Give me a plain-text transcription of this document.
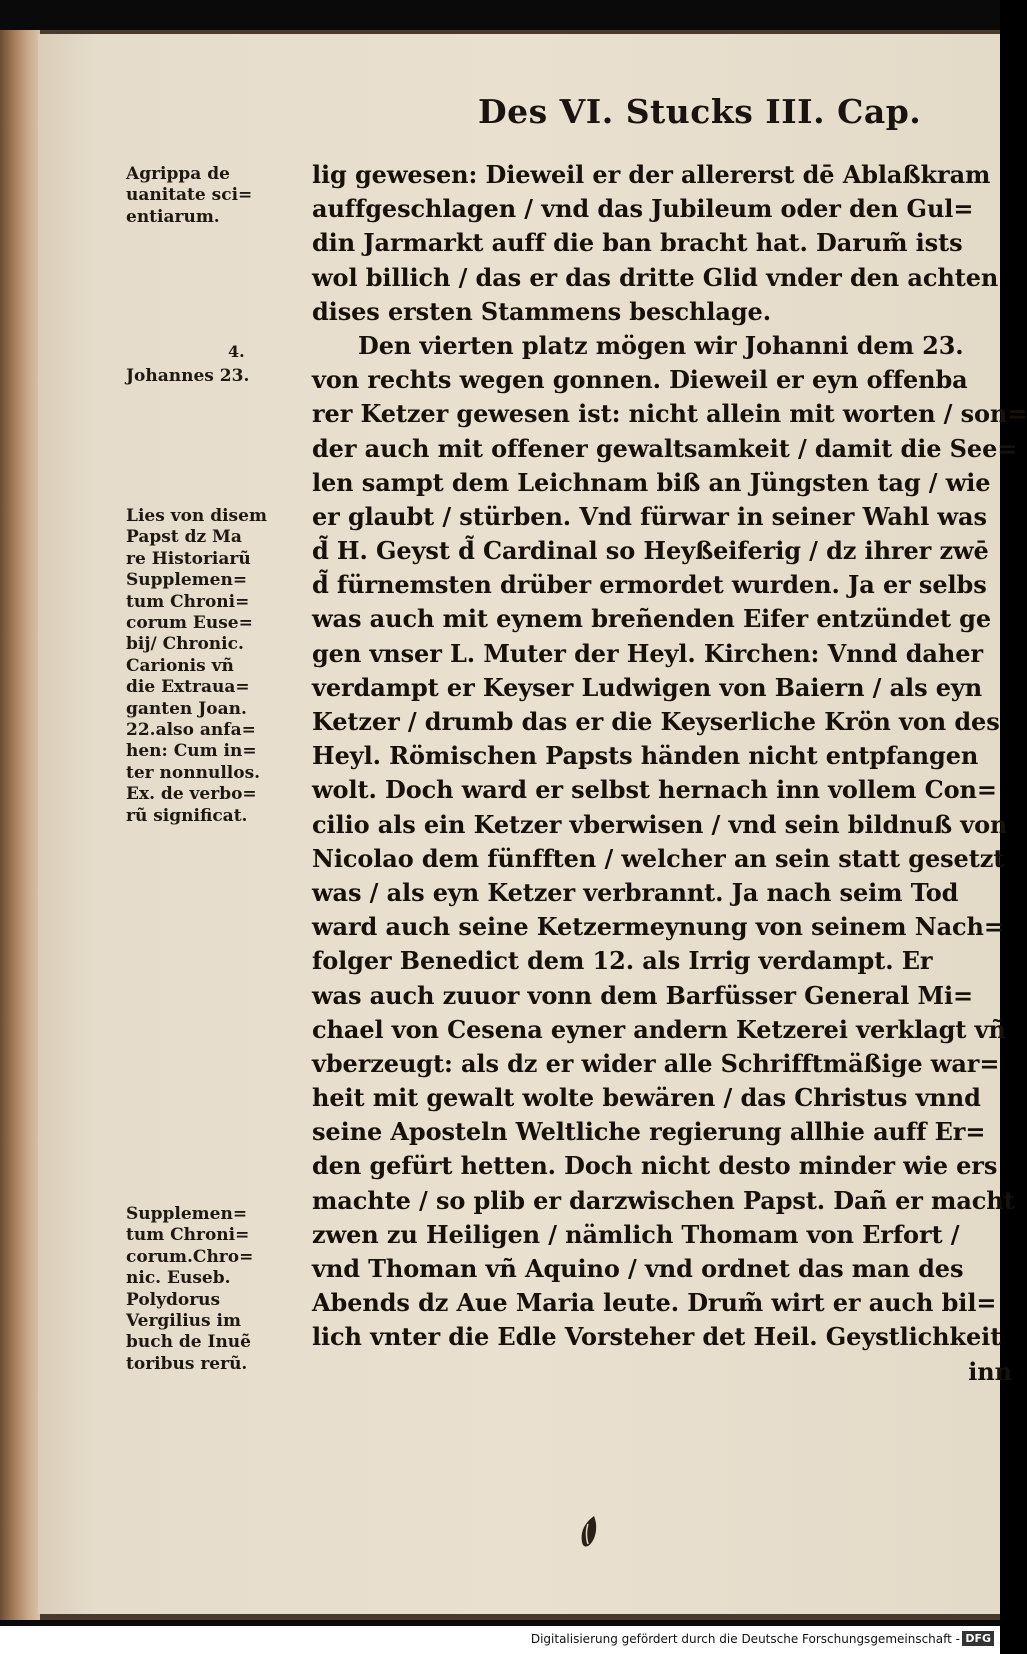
Des VI. Stucks III. Cap.
Agrippa de
uanitate sci=
entiarum.
4.
Johannes 23.
Lies von disem
Papst dz Ma
re Historiarũ
Supplemen=
tum Chroni=
corum Euse=
bij/ Chronic.
Carionis vñ
die Extraua=
ganten Joan.
22.also anfa=
hen: Cum in=
ter nonnullos.
Ex. de verbo=
rũ significat.
Supplemen=
tum Chroni=
corum.Chro=
nic. Euseb.
Polydorus
Vergilius im
buch de Inuẽ
toribus rerũ.
lig gewesen: Dieweil er der allererst dē Ablaßkram
auffgeschlagen / vnd das Jubileum oder den Gul=
din Jarmarkt auff die ban bracht hat. Darum̃ ists
wol billich / das er das dritte Glid vnder den achten
dises ersten Stammens beschlage.
Den vierten platz mögen wir Johanni dem 23.
von rechts wegen gonnen. Dieweil er eyn offenba
rer Ketzer gewesen ist: nicht allein mit worten / son=
der auch mit offener gewaltsamkeit / damit die See=
len sampt dem Leichnam biß an Jüngsten tag / wie
er glaubt / stürben. Vnd fürwar in seiner Wahl was
d̃ H. Geyst d̃ Cardinal so Heyßeiferig / dz ihrer zwē
d̃ fürnemsten drüber ermordet wurden. Ja er selbs
was auch mit eynem breñenden Eifer entzündet ge
gen vnser L. Muter der Heyl. Kirchen: Vnnd daher
verdampt er Keyser Ludwigen von Baiern / als eyn
Ketzer / drumb das er die Keyserliche Krön von des
Heyl. Römischen Papsts händen nicht entpfangen
wolt. Doch ward er selbst hernach inn vollem Con=
cilio als ein Ketzer vberwisen / vnd sein bildnuß von
Nicolao dem fünfften / welcher an sein statt gesetzt
was / als eyn Ketzer verbrannt. Ja nach seim Tod
ward auch seine Ketzermeynung von seinem Nach=
folger Benedict dem 12. als Irrig verdampt. Er
was auch zuuor vonn dem Barfüsser General Mi=
chael von Cesena eyner andern Ketzerei verklagt vñ
vberzeugt: als dz er wider alle Schrifftmäßige war=
heit mit gewalt wolte bewären / das Christus vnnd
seine Aposteln Weltliche regierung allhie auff Er=
den gefürt hetten. Doch nicht desto minder wie ers
machte / so plib er darzwischen Papst. Dañ er macht
zwen zu Heiligen / nämlich Thomam von Erfort /
vnd Thoman vñ Aquino / vnd ordnet das man des
Abends dz Aue Maria leute. Drum̃ wirt er auch bil=
lich vnter die Edle Vorsteher det Heil. Geystlichkeit
inn
Digitalisierung gefördert durch die Deutsche Forschungsgemeinschaft - DFG
